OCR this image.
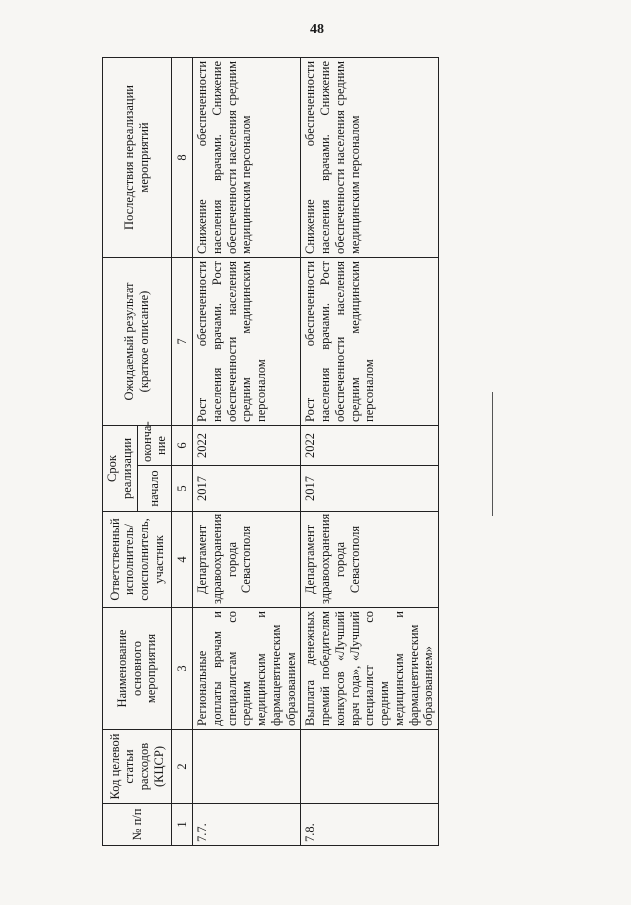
48
№ п/п	Код целевой статьи расходов (КЦСР)	Наименование основного мероприятия	Ответственный исполнитель/ соисполнитель, участник	Срок реализации		Ожидаемый результат (краткое описание)	Последствия нереализации мероприятий
				начало	оконча-ние		
1	2	3	4	5	6	7	8
7.7.		Региональные доплаты врачам и специалистам со средним медицинским и фармацевтическим образованием	Департамент здравоохранения города Севастополя	2017	2022	Рост обеспеченности населения врачами. Рост обеспеченности населения средним медицинским персоналом	Снижение обеспеченности населения врачами. Снижение обеспеченности населения средним медицинским персоналом
7.8.		Выплата денежных премий победителям конкурсов «Лучший врач года», «Лучший специалист со средним медицинским и фармацевтическим образованием»	Департамент здравоохранения города Севастополя	2017	2022	Рост обеспеченности населения врачами. Рост обеспеченности населения средним медицинским персоналом	Снижение обеспеченности населения врачами. Снижение обеспеченности населения средним медицинским персоналом
